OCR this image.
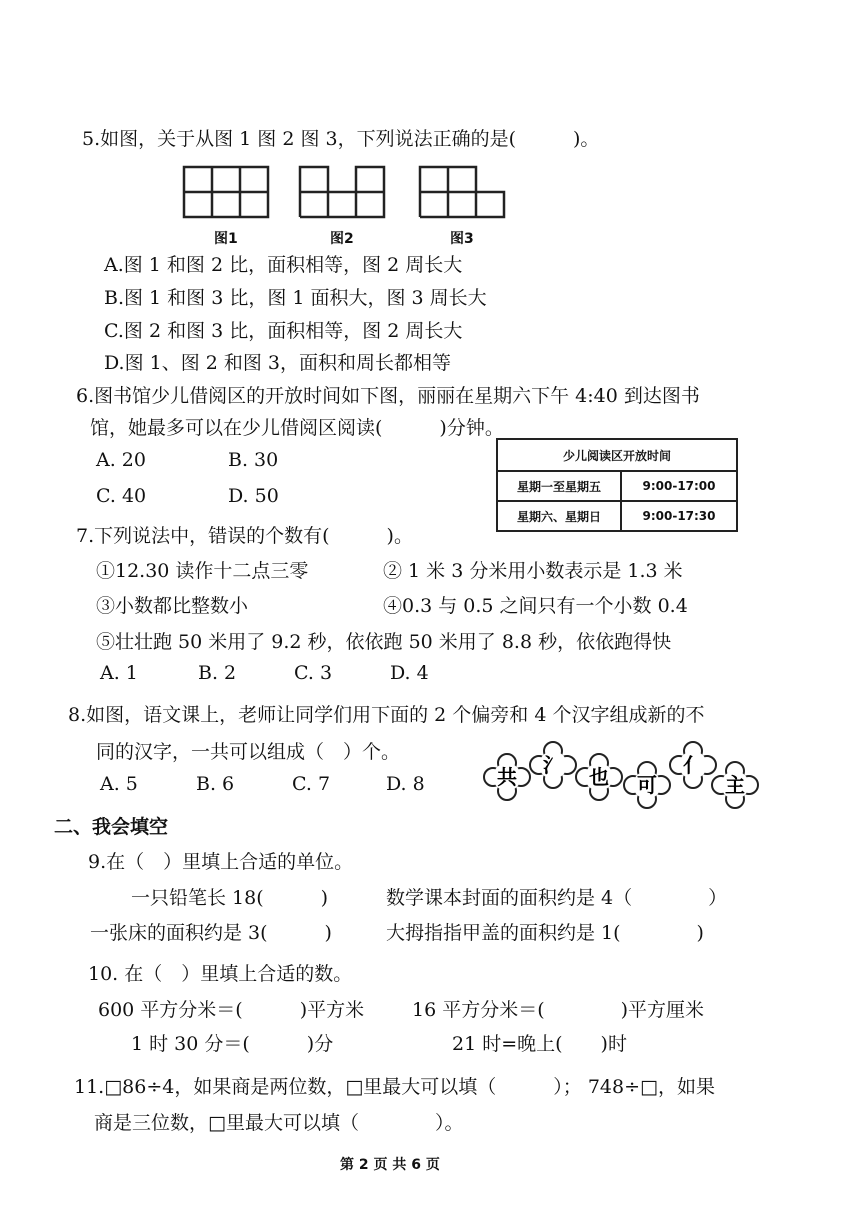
5.如图，关于从图 1 图 2 图 3，下列说法正确的是(　　　)。
图1	图2	图3
A.图 1 和图 2 比，面积相等，图 2 周长大
B.图 1 和图 3 比，图 1 面积大，图 3 周长大
C.图 2 和图 3 比，面积相等，图 2 周长大
D.图 1、图 2 和图 3，面积和周长都相等
6.图书馆少儿借阅区的开放时间如下图，丽丽在星期六下午 4:40 到达图书
馆，她最多可以在少儿借阅区阅读(　　　)分钟。
A. 20	B. 30
C. 40	D. 50
少儿阅读区开放时间	
星期一至星期五	9:00-17:00
星期六、星期日	9:00-17:30
7.下列说法中，错误的个数有(　　　)。
①12.30 读作十二点三零	② 1 米 3 分米用小数表示是 1.3 米
③小数都比整数小	④0.3 与 0.5 之间只有一个小数 0.4
⑤壮壮跑 50 米用了 9.2 秒，依依跑 50 米用了 8.8 秒，依依跑得快
A. 1	B. 2	C. 3	D. 4
8.如图，语文课上，老师让同学们用下面的 2 个偏旁和 4 个汉字组成新的不
同的汉字，一共可以组成（　）个。
A. 5	B. 6	C. 7	D. 8	共 氵 也 可
亻
主
二、我会填空
9.在（　）里填上合适的单位。
一只铅笔长 18(　　　)	数学课本封面的面积约是 4（　　　　）
一张床的面积约是 3(　　　)	大拇指指甲盖的面积约是 1(　　　　)
10. 在（　）里填上合适的数。
600 平方分米＝(　　　)平方米	16 平方分米＝(　　　　)平方厘米
1 时 30 分＝(　　　)分	21 时=晚上(　　)时
11.□86÷4，如果商是两位数，□里最大可以填（　　　）； 748÷□，如果
商是三位数，□里最大可以填（　　　　）。
第 2 页 共 6 页
